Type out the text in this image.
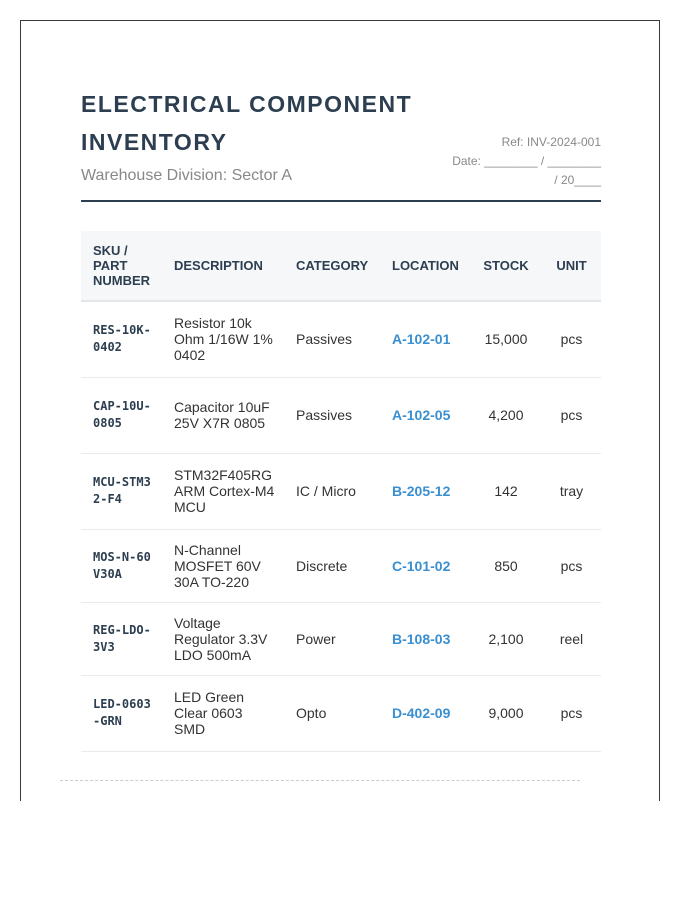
ELECTRICAL COMPONENT INVENTORY
Warehouse Division: Sector A
Ref: INV-2024-001
Date: ________ / ________
/ 20____
SKU / PART NUMBER	DESCRIPTION	CATEGORY	LOCATION	STOCK	UNIT
RES-10K-0402	Resistor 10k Ohm 1/16W 1% 0402	Passives	A-102-01	15,000	pcs
CAP-10U-0805	Capacitor 10uF 25V X7R 0805	Passives	A-102-05	4,200	pcs
MCU-STM32-F4	STM32F405RG ARM Cortex-M4 MCU	IC / Micro	B-205-12	142	tray
MOS-N-60V30A	N-Channel MOSFET 60V 30A TO-220	Discrete	C-101-02	850	pcs
REG-LDO-3V3	Voltage Regulator 3.3V LDO 500mA	Power	B-108-03	2,100	reel
LED-0603-GRN	LED Green Clear 0603 SMD	Opto	D-402-09	9,000	pcs
